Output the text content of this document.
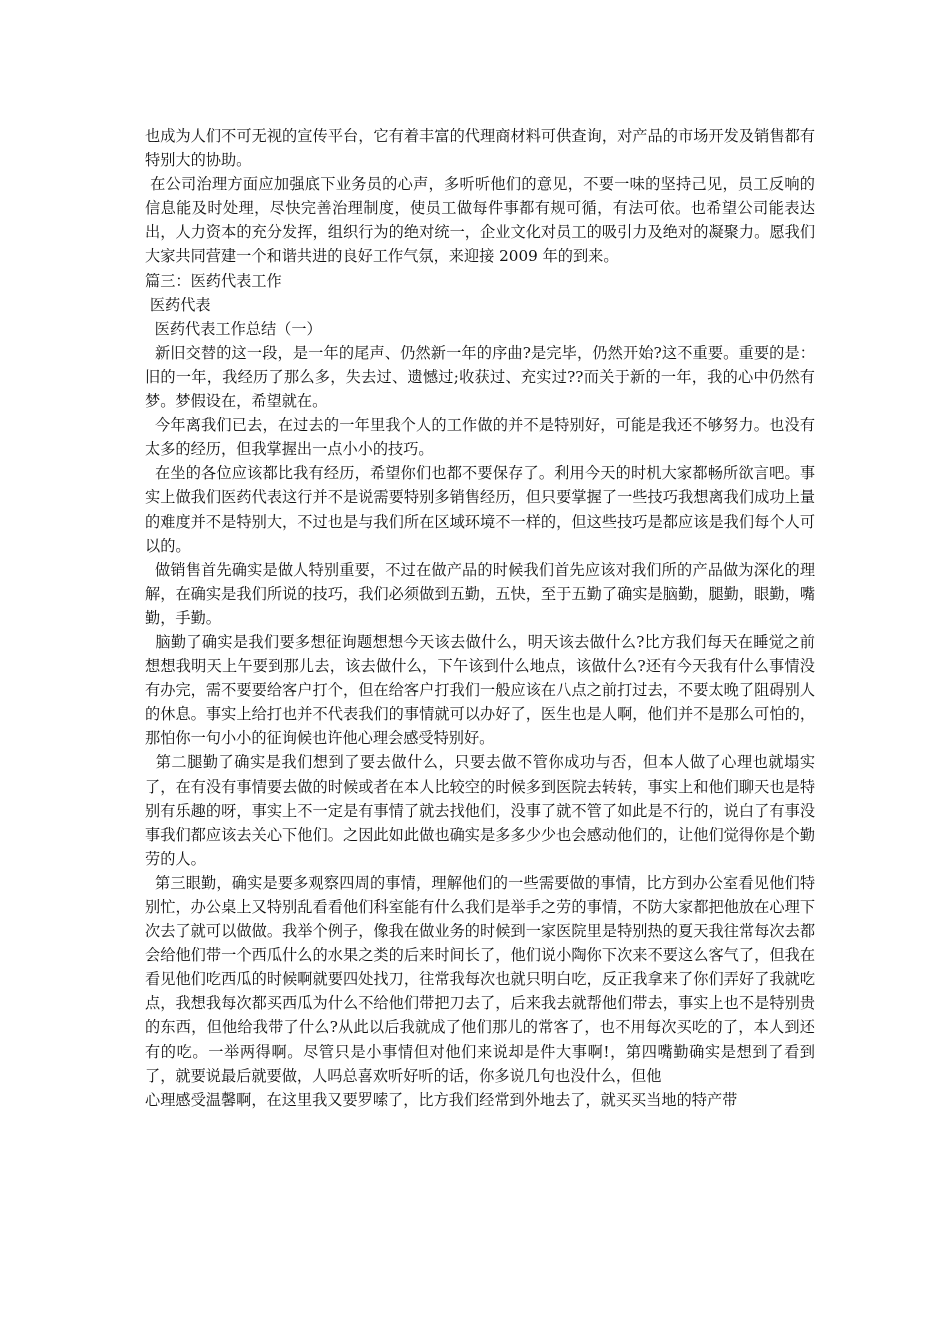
也成为人们不可无视的宣传平台，它有着丰富的代理商材料可供查询，对产品的市场开发及销售都有特别大的协助。

在公司治理方面应加强底下业务员的心声，多听听他们的意见，不要一味的坚持己见，员工反响的信息能及时处理，尽快完善治理制度，使员工做每件事都有规可循，有法可依。也希望公司能表达出，人力资本的充分发挥，组织行为的绝对统一，企业文化对员工的吸引力及绝对的凝聚力。愿我们大家共同营建一个和谐共进的良好工作气氛，来迎接 2009 年的到来。

篇三：医药代表工作

医药代表

医药代表工作总结（一）

新旧交替的这一段，是一年的尾声、仍然新一年的序曲?是完毕，仍然开始?这不重要。重要的是：旧的一年，我经历了那么多，失去过、遗憾过;收获过、充实过??而关于新的一年，我的心中仍然有梦。梦假设在，希望就在。

今年离我们已去，在过去的一年里我个人的工作做的并不是特别好，可能是我还不够努力。也没有太多的经历，但我掌握出一点小小的技巧。

在坐的各位应该都比我有经历，希望你们也都不要保存了。利用今天的时机大家都畅所欲言吧。事实上做我们医药代表这行并不是说需要特别多销售经历，但只要掌握了一些技巧我想离我们成功上量的难度并不是特别大，不过也是与我们所在区域环境不一样的，但这些技巧是都应该是我们每个人可以的。

做销售首先确实是做人特别重要，不过在做产品的时候我们首先应该对我们所的产品做为深化的理解，在确实是我们所说的技巧，我们必须做到五勤，五快，至于五勤了确实是脑勤，腿勤，眼勤，嘴勤，手勤。

脑勤了确实是我们要多想征询题想想今天该去做什么，明天该去做什么?比方我们每天在睡觉之前想想我明天上午要到那儿去，该去做什么，下午该到什么地点，该做什么?还有今天我有什么事情没有办完，需不要要给客户打个，但在给客户打我们一般应该在八点之前打过去，不要太晚了阻碍别人的休息。事实上给打也并不代表我们的事情就可以办好了，医生也是人啊，他们并不是那么可怕的，那怕你一句小小的征询候也许他心理会感受特别好。

第二腿勤了确实是我们想到了要去做什么，只要去做不管你成功与否，但本人做了心理也就塌实了，在有没有事情要去做的时候或者在本人比较空的时候多到医院去转转，事实上和他们聊天也是特别有乐趣的呀，事实上不一定是有事情了就去找他们，没事了就不管了如此是不行的，说白了有事没事我们都应该去关心下他们。之因此如此做也确实是多多少少也会感动他们的，让他们觉得你是个勤劳的人。

第三眼勤，确实是要多观察四周的事情，理解他们的一些需要做的事情，比方到办公室看见他们特别忙，办公桌上又特别乱看看他们科室能有什么我们是举手之劳的事情，不防大家都把他放在心理下次去了就可以做做。我举个例子，像我在做业务的时候到一家医院里是特别热的夏天我往常每次去都会给他们带一个西瓜什么的水果之类的后来时间长了，他们说小陶你下次来不要这么客气了，但我在看见他们吃西瓜的时候啊就要四处找刀，往常我每次也就只明白吃，反正我拿来了你们弄好了我就吃点，我想我每次都买西瓜为什么不给他们带把刀去了，后来我去就帮他们带去，事实上也不是特别贵的东西，但他给我带了什么?从此以后我就成了他们那儿的常客了，也不用每次买吃的了，本人到还有的吃。一举两得啊。尽管只是小事情但对他们来说却是件大事啊!，第四嘴勤确实是想到了看到了，就要说最后就要做，人吗总喜欢听好听的话，你多说几句也没什么，但他

心理感受温馨啊，在这里我又要罗嗦了，比方我们经常到外地去了，就买买当地的特产带
